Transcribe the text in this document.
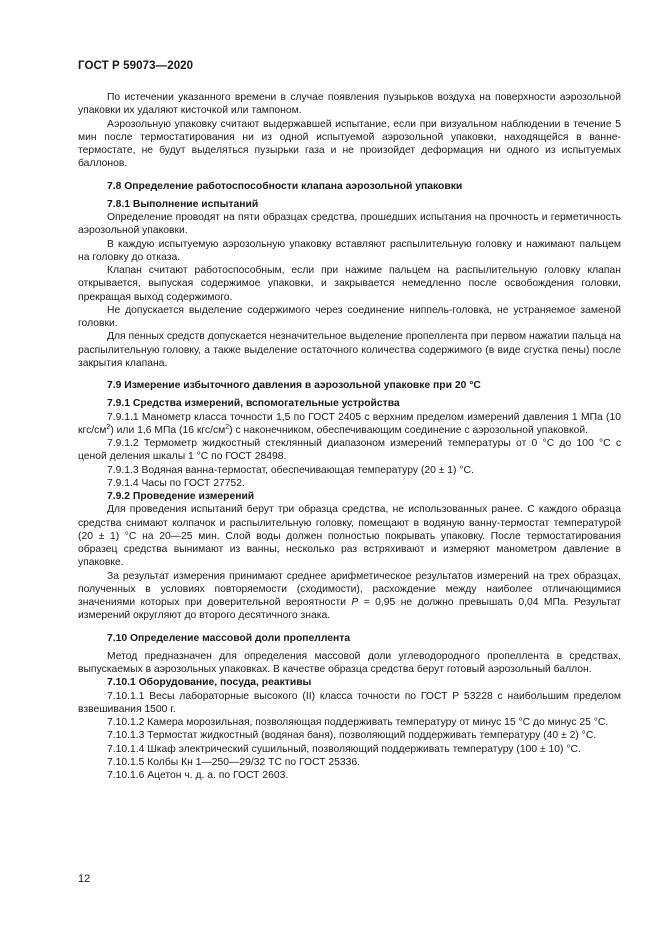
ГОСТ Р 59073—2020

По истечении указанного времени в случае появления пузырьков воздуха на поверхности аэрозольной упаковки их удаляют кисточкой или тампоном.

Аэрозольную упаковку считают выдержавшей испытание, если при визуальном наблюдении в течение 5 мин после термостатирования ни из одной испытуемой аэрозольной упаковки, находящейся в ванне-термостате, не будут выделяться пузырьки газа и не произойдет деформация ни одного из испытуемых баллонов.

7.8 Определение работоспособности клапана аэрозольной упаковки

7.8.1 Выполнение испытаний

Определение проводят на пяти образцах средства, прошедших испытания на прочность и герметичность аэрозольной упаковки.

В каждую испытуемую аэрозольную упаковку вставляют распылительную головку и нажимают пальцем на головку до отказа.

Клапан считают работоспособным, если при нажиме пальцем на распылительную головку клапан открывается, выпуская содержимое упаковки, и закрывается немедленно после освобождения головки, прекращая выход содержимого.

Не допускается выделение содержимого через соединение ниппель-головка, не устраняемое заменой головки.

Для пенных средств допускается незначительное выделение пропеллента при первом нажатии пальца на распылительную головку, а также выделение остаточного количества содержимого (в виде сгустка пены) после закрытия клапана.

7.9 Измерение избыточного давления в аэрозольной упаковке при 20 °С

7.9.1 Средства измерений, вспомогательные устройства

7.9.1.1 Манометр класса точности 1,5 по ГОСТ 2405 с верхним пределом измерений давления 1 МПа (10 кгс/$см^2$) или 1,6 МПа (16 кгс/$см^2$) с наконечником, обеспечивающим соединение с аэрозольной упаковкой.

7.9.1.2 Термометр жидкостный стеклянный диапазоном измерений температуры от 0 °С до 100 °С с ценой деления шкалы 1 °С по ГОСТ 28498.

7.9.1.3 Водяная ванна-термостат, обеспечивающая температуру (20 ± 1) °С.

7.9.1.4 Часы по ГОСТ 27752.

7.9.2 Проведение измерений

Для проведения испытаний берут три образца средства, не использованных ранее. С каждого образца средства снимают колпачок и распылительную головку, помещают в водяную ванну-термостат температурой (20 ± 1) °С на 20—25 мин. Слой воды должен полностью покрывать упаковку. После термостатирования образец средства вынимают из ванны, несколько раз встряхивают и измеряют манометром давление в упаковке.

За результат измерения принимают среднее арифметическое результатов измерений на трех образцах, полученных в условиях повторяемости (сходимости), расхождение между наиболее отличающимися значениями которых при доверительной вероятности Р = 0,95 не должно превышать 0,04 МПа. Результат измерений округляют до второго десятичного знака.

7.10 Определение массовой доли пропеллента

Метод предназначен для определения массовой доли углеводородного пропеллента в средствах, выпускаемых в аэрозольных упаковках. В качестве образца средства берут готовый аэрозольный баллон.

7.10.1 Оборудование, посуда, реактивы

7.10.1.1 Весы лабораторные высокого (II) класса точности по ГОСТ Р 53228 с наибольшим пределом взвешивания 1500 г.

7.10.1.2 Камера морозильная, позволяющая поддерживать температуру от минус 15 °С до минус 25 °С.

7.10.1.3 Термостат жидкостный (водяная баня), позволяющий поддерживать температуру (40 ± 2) °С.

7.10.1.4 Шкаф электрический сушильный, позволяющий поддерживать температуру (100 ± 10) °С.

7.10.1.5 Колбы Кн 1—250—29/32 ТС по ГОСТ 25336.

7.10.1.6 Ацетон ч. д. а. по ГОСТ 2603.

12
